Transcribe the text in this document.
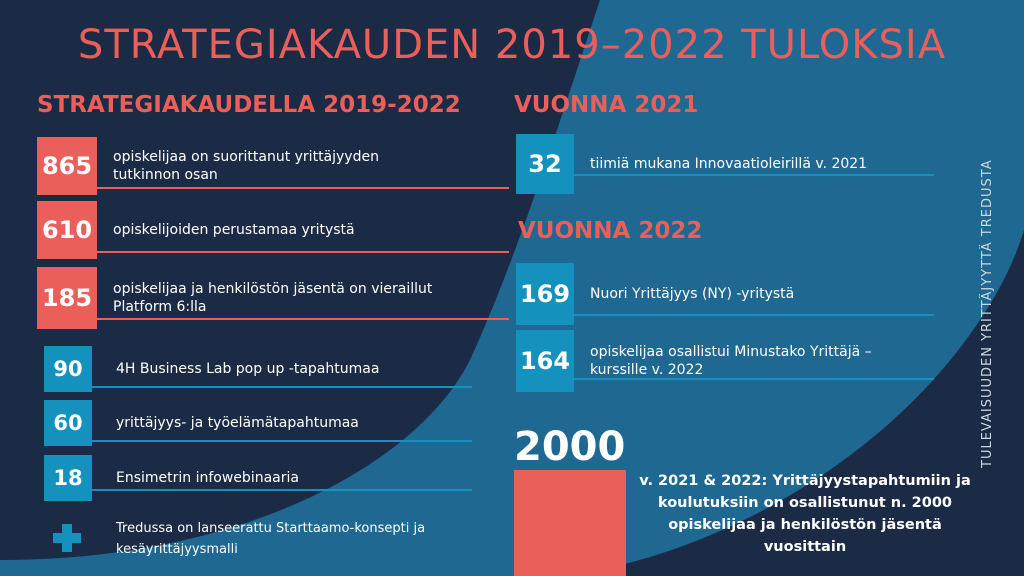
STRATEGIAKAUDEN 2019–2022 TULOKSIA
STRATEGIAKAUDELLA 2019-2022
865	opiskelijaa on suorittanut yrittäjyyden tutkinnon osan
610	opiskelijoiden perustamaa yritystä
185	opiskelijaa ja henkilöstön jäsentä on vieraillut Platform 6:lla
90	4H Business Lab pop up -tapahtumaa
60	yrittäjyys- ja työelämätapahtumaa
18	Ensimetrin infowebinaaria
Tredussa on lanseerattu Starttaamo-konsepti ja kesäyrittäjyysmalli
VUONNA 2021
32	tiimiä mukana Innovaatioleirillä v. 2021
VUONNA 2022
169	Nuori Yrittäjyys (NY) -yritystä
164	opiskelijaa osallistui Minustako Yrittäjä –kurssille v. 2022
2000
v. 2021 & 2022: Yrittäjyystapahtumiin ja koulutuksiin on osallistunut n. 2000 opiskelijaa ja henkilöstön jäsentä vuosittain
TULEVAISUUDEN YRITTÄJYYTTÄ TREDUSTA
